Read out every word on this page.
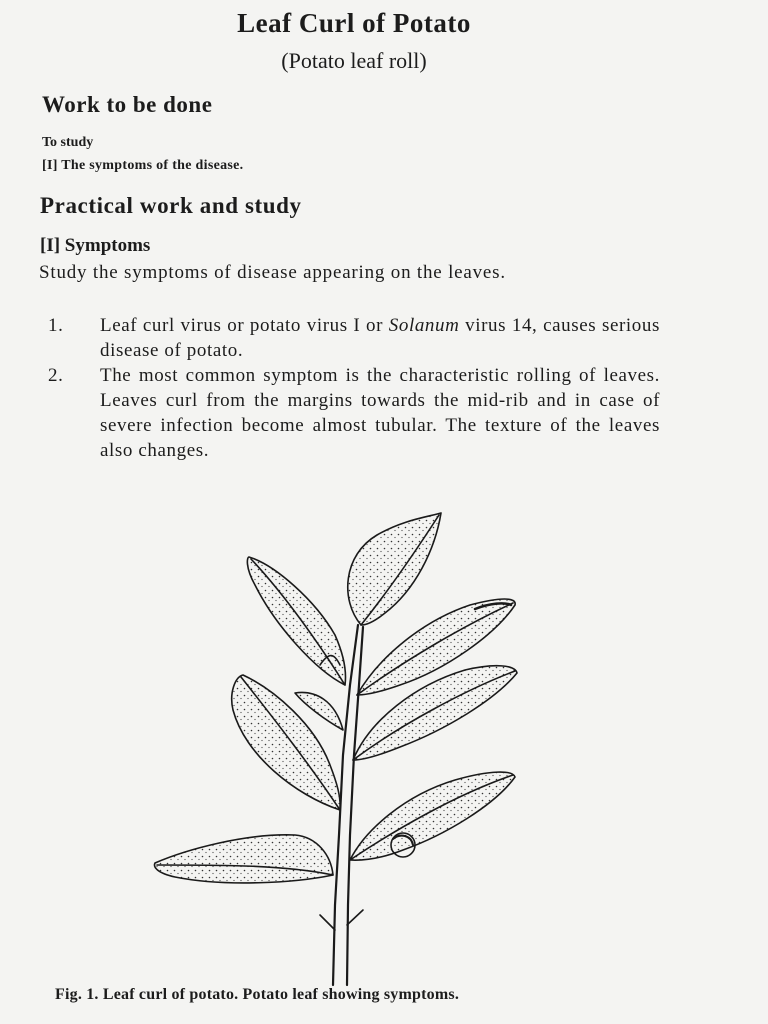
Leaf Curl of Potato
(Potato leaf roll)
Work to be done
To study
[I] The symptoms of the disease.
Practical work and study
[I] Symptoms
Study the symptoms of disease appearing on the leaves.
1. Leaf curl virus or potato virus I or Solanum virus 14, causes serious disease of potato.
2. The most common symptom is the characteristic rolling of leaves. Leaves curl from the margins towards the mid-rib and in case of severe infection become almost tubular. The texture of the leaves also changes.
Fig. 1. Leaf curl of potato. Potato leaf showing symptoms.
